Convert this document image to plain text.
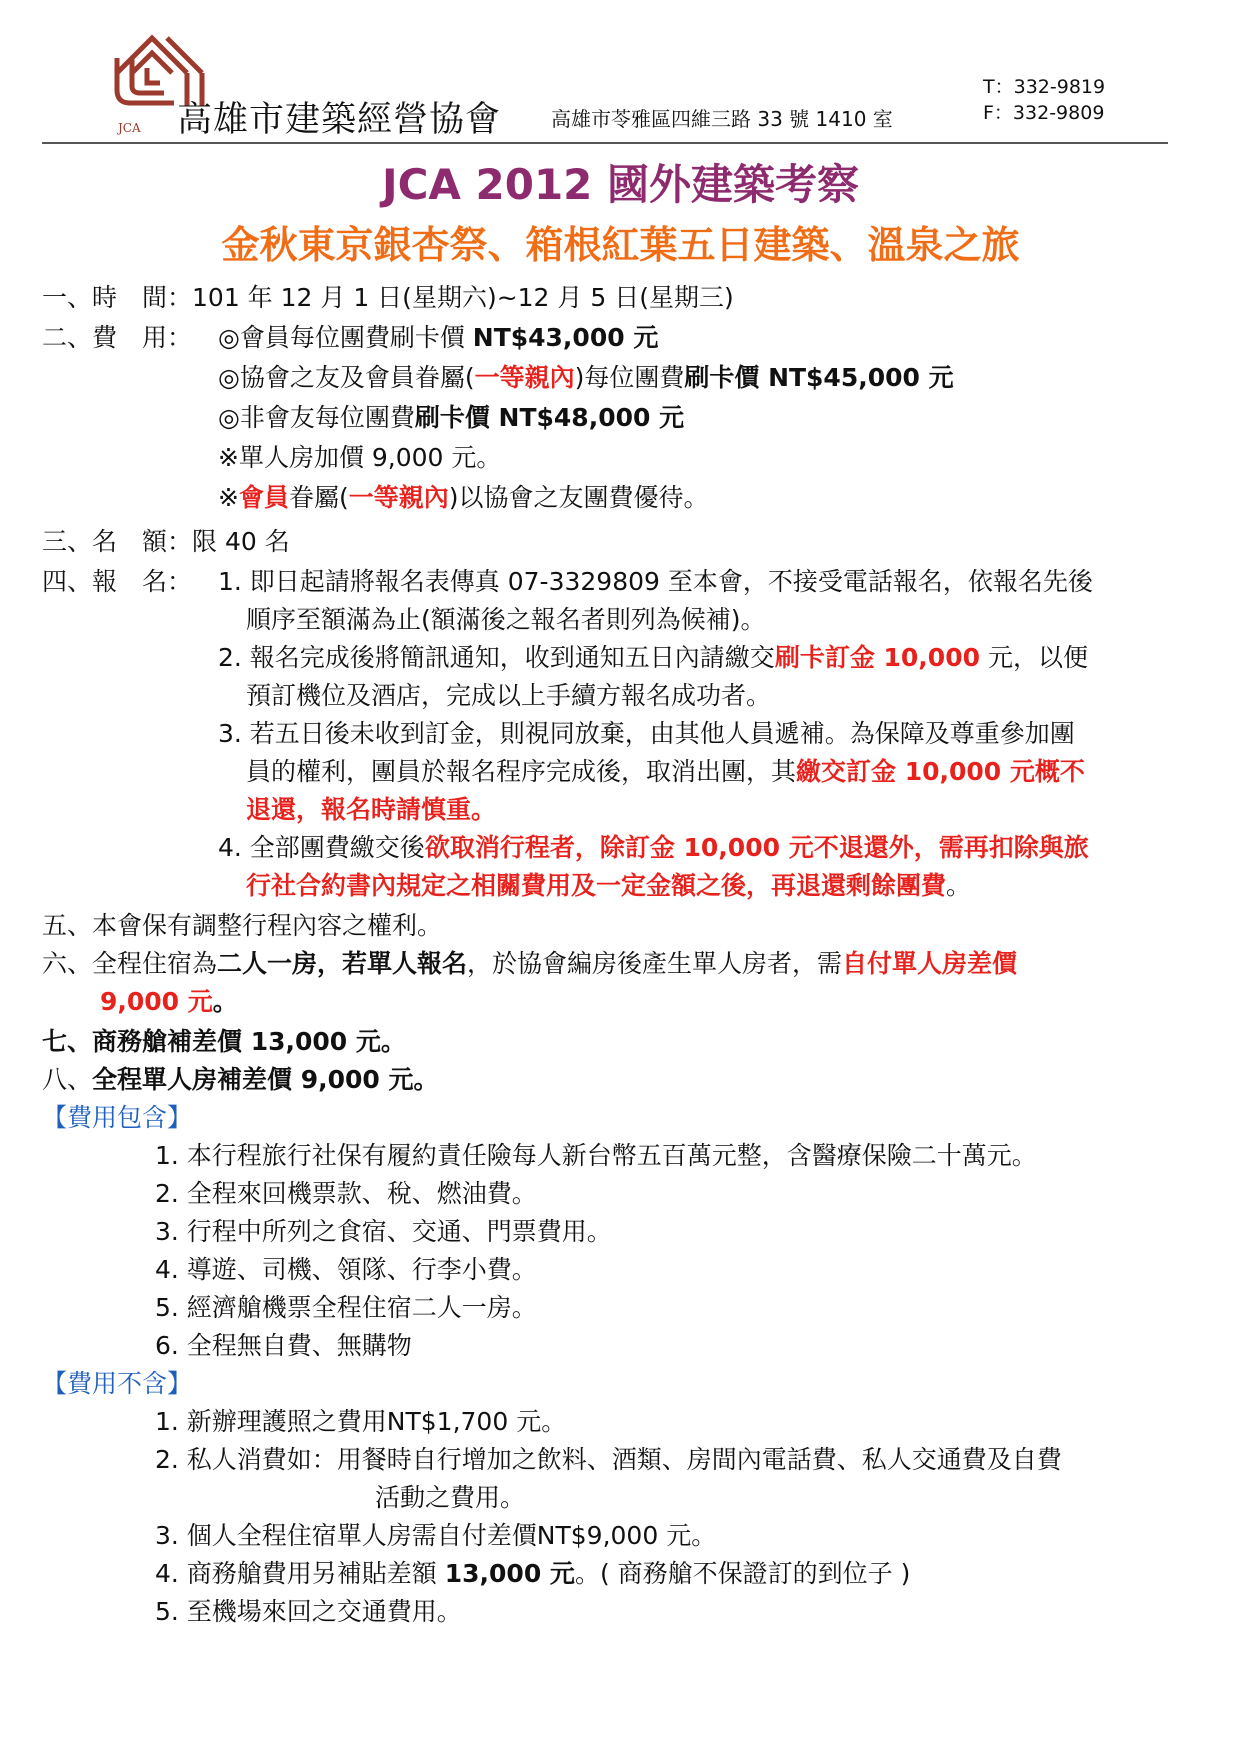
JCA 高雄市建築經營協會 高雄市苓雅區四維三路 33 號 1410 室
T：332-9819
F：332-9809
JCA 2012 國外建築考察
金秋東京銀杏祭、箱根紅葉五日建築、溫泉之旅
一、時　間：101 年 12 月 1 日(星期六)~12 月 5 日(星期三)
二、費　用： ◎會員每位團費刷卡價 NT$43,000 元
◎協會之友及會員眷屬(一等親內)每位團費刷卡價 NT$45,000 元
◎非會友每位團費刷卡價 NT$48,000 元
※單人房加價 9,000 元。
※會員眷屬(一等親內)以協會之友團費優待。
三、名　額：限 40 名
四、報　名： 1. 即日起請將報名表傳真 07-3329809 至本會，不接受電話報名，依報名先後
順序至額滿為止(額滿後之報名者則列為候補)。
2. 報名完成後將簡訊通知，收到通知五日內請繳交刷卡訂金 10,000 元，以便
預訂機位及酒店，完成以上手續方報名成功者。
3. 若五日後未收到訂金，則視同放棄，由其他人員遞補。為保障及尊重參加團
員的權利，團員於報名程序完成後，取消出團，其繳交訂金 10,000 元概不
退還，報名時請慎重。
4. 全部團費繳交後欲取消行程者，除訂金 10,000 元不退還外，需再扣除與旅
行社合約書內規定之相關費用及一定金額之後，再退還剩餘團費。
五、本會保有調整行程內容之權利。
六、全程住宿為二人一房，若單人報名，於協會編房後產生單人房者，需自付單人房差價
9,000 元。
七、商務艙補差價 13,000 元。
八、全程單人房補差價 9,000 元。
【費用包含】
1. 本行程旅行社保有履約責任險每人新台幣五百萬元整，含醫療保險二十萬元。
2. 全程來回機票款、稅、燃油費。
3. 行程中所列之食宿、交通、門票費用。
4. 導遊、司機、領隊、行李小費。
5. 經濟艙機票全程住宿二人一房。
6. 全程無自費、無購物
【費用不含】
1. 新辦理護照之費用NT$1,700 元。
2. 私人消費如：用餐時自行增加之飲料、酒類、房間內電話費、私人交通費及自費
活動之費用。
3. 個人全程住宿單人房需自付差價NT$9,000 元。
4. 商務艙費用另補貼差額 13,000 元。( 商務艙不保證訂的到位子 )
5. 至機場來回之交通費用。
